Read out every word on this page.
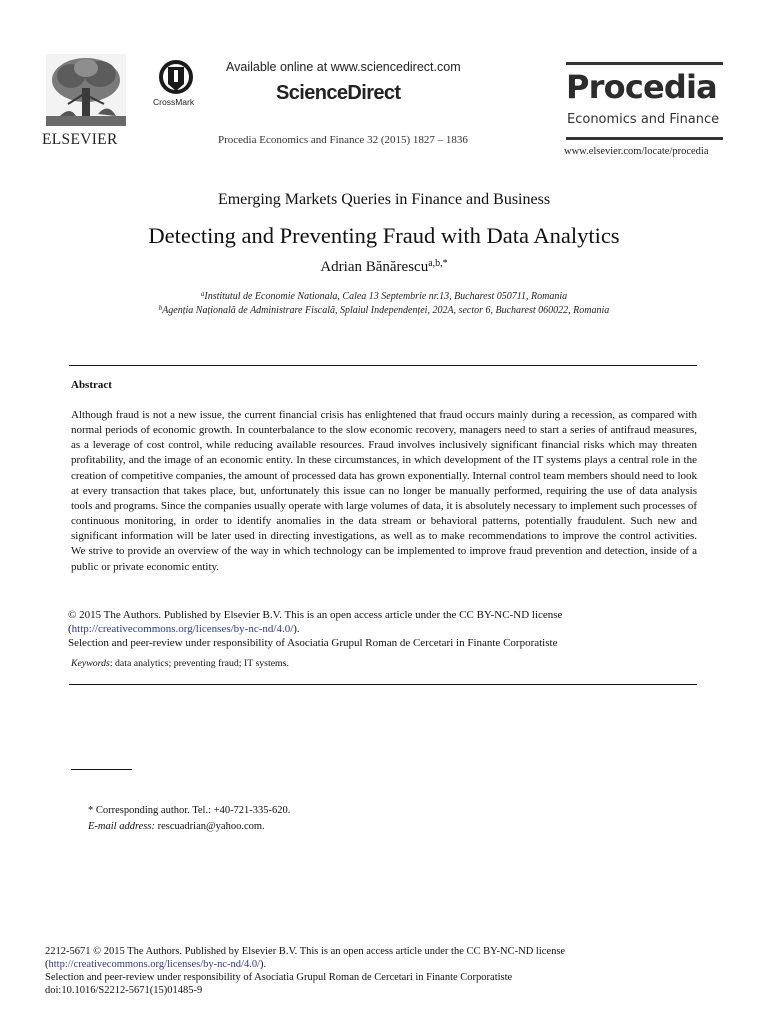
ELSEVIER
CrossMark
Available online at www.sciencedirect.com
ScienceDirect
Procedia Economics and Finance 32 (2015) 1827 – 1836
Procedia
Economics and Finance
www.elsevier.com/locate/procedia
Emerging Markets Queries in Finance and Business
Detecting and Preventing Fraud with Data Analytics
Adrian Bănărescu$^{a,b,*}$
$^a$Institutul de Economie Nationala, Calea 13 Septembrie nr.13, Bucharest 050711, Romania
$^b$Agenția Națională de Administrare Fiscală, Splaiul Independenței, 202A, sector 6, Bucharest 060022, Romania
Abstract
Although fraud is not a new issue, the current financial crisis has enlightened that fraud occurs mainly during a recession, as compared with normal periods of economic growth. In counterbalance to the slow economic recovery, managers need to start a series of antifraud measures, as a leverage of cost control, while reducing available resources. Fraud involves inclusively significant financial risks which may threaten profitability, and the image of an economic entity. In these circumstances, in which development of the IT systems plays a central role in the creation of competitive companies, the amount of processed data has grown exponentially. Internal control team members should need to look at every transaction that takes place, but, unfortunately this issue can no longer be manually performed, requiring the use of data analysis tools and programs. Since the companies usually operate with large volumes of data, it is absolutely necessary to implement such processes of continuous monitoring, in order to identify anomalies in the data stream or behavioral patterns, potentially fraudulent. Such new and significant information will be later used in directing investigations, as well as to make recommendations to improve the control activities. We strive to provide an overview of the way in which technology can be implemented to improve fraud prevention and detection, inside of a public or private economic entity.
© 2015 The Authors. Published by Elsevier B.V. This is an open access article under the CC BY-NC-ND license
(http://creativecommons.org/licenses/by-nc-nd/4.0/).
Selection and peer-review under responsibility of Asociatia Grupul Roman de Cercetari in Finante Corporatiste
Keywords: data analytics; preventing fraud; IT systems.
* Corresponding author. Tel.: +40-721-335-620.
E-mail address: rescuadrian@yahoo.com.
2212-5671 © 2015 The Authors. Published by Elsevier B.V. This is an open access article under the CC BY-NC-ND license
(http://creativecommons.org/licenses/by-nc-nd/4.0/).
Selection and peer-review under responsibility of Asociatia Grupul Roman de Cercetari in Finante Corporatiste
doi:10.1016/S2212-5671(15)01485-9
